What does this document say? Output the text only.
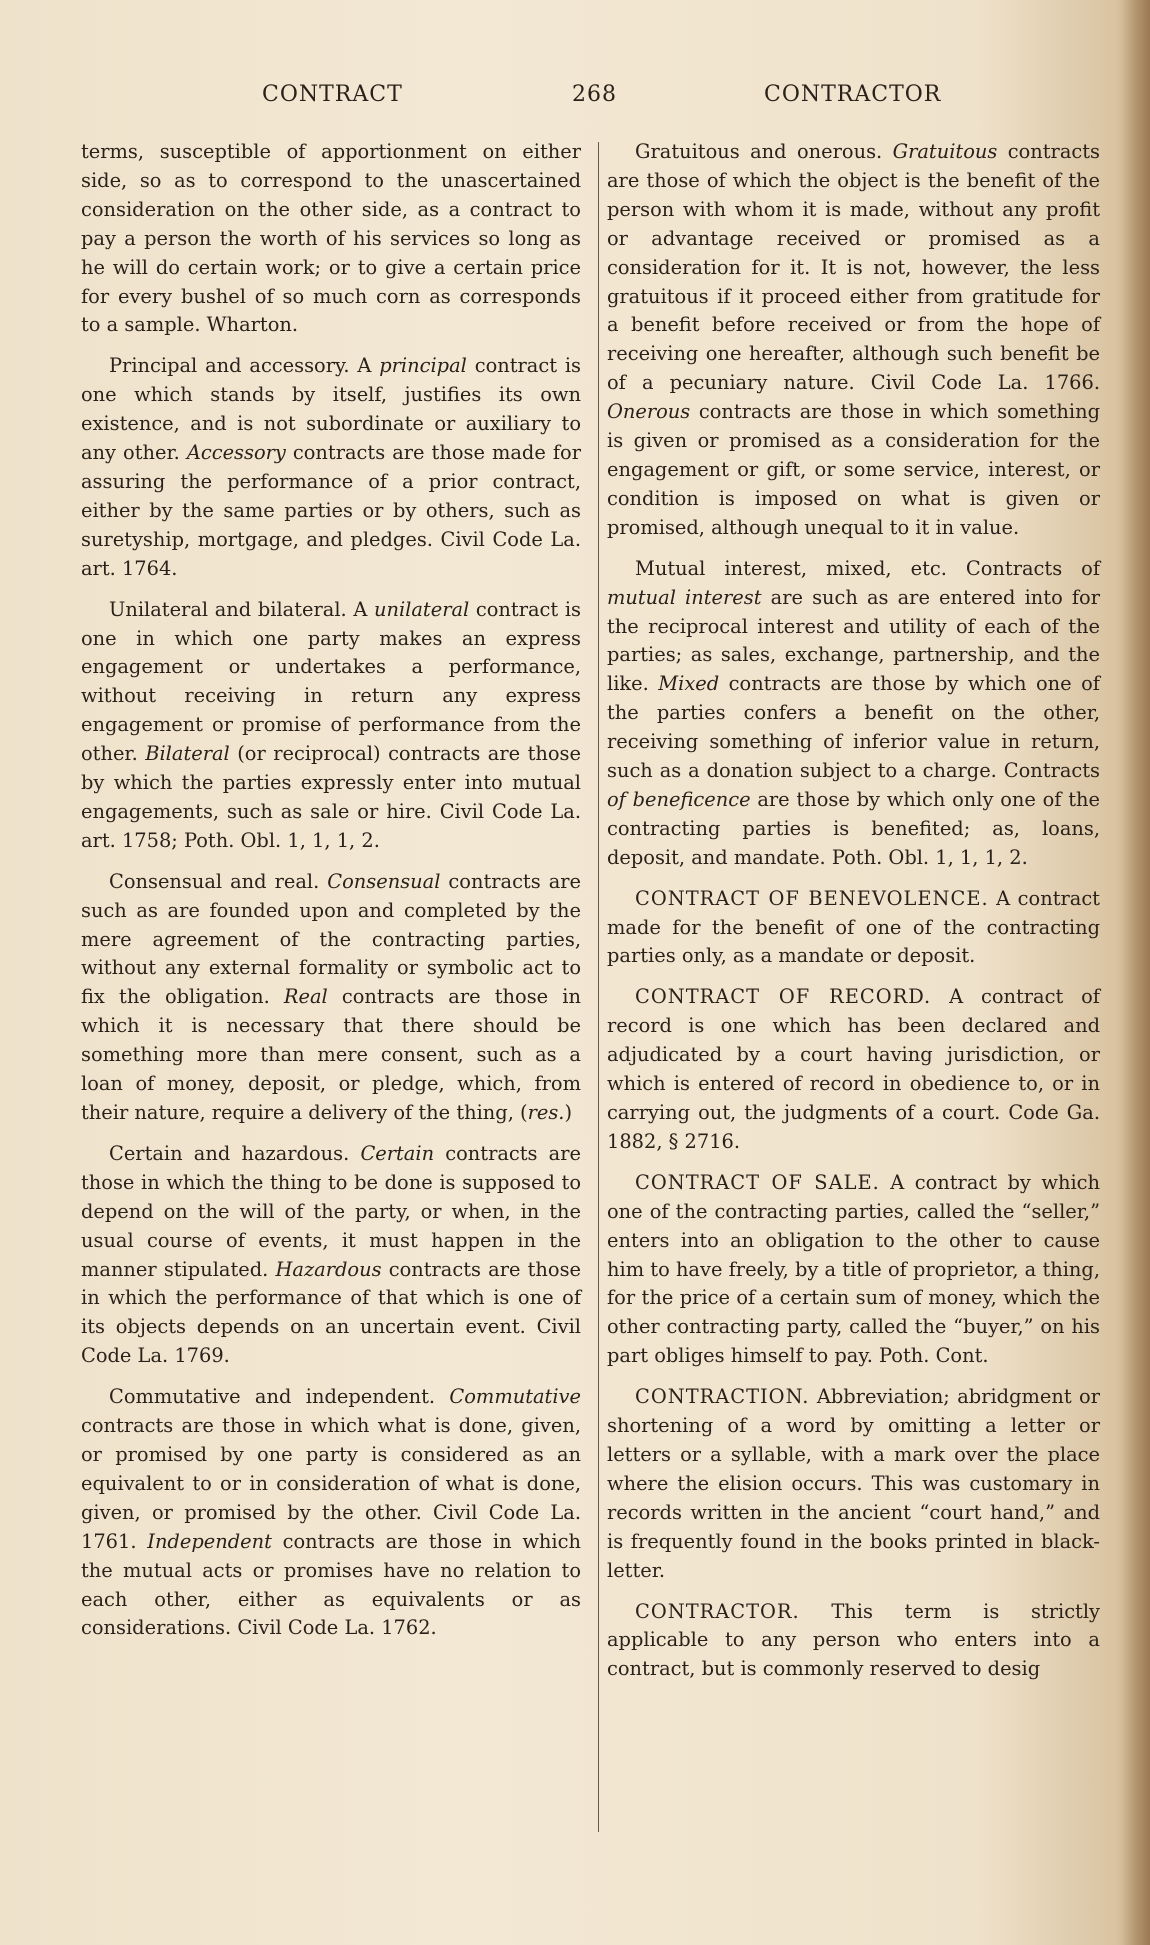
CONTRACT	268	CONTRACTOR

terms, susceptible of apportionment on either side, so as to correspond to the unascertained consideration on the other side, as a contract to pay a person the worth of his services so long as he will do certain work; or to give a certain price for every bushel of so much corn as corresponds to a sample. Wharton.

Principal and accessory. A principal contract is one which stands by itself, justifies its own existence, and is not subordinate or auxiliary to any other. Accessory contracts are those made for assuring the performance of a prior contract, either by the same parties or by others, such as suretyship, mortgage, and pledges. Civil Code La. art. 1764.

Unilateral and bilateral. A unilateral contract is one in which one party makes an express engagement or undertakes a performance, without receiving in return any express engagement or promise of performance from the other. Bilateral (or reciprocal) contracts are those by which the parties expressly enter into mutual engagements, such as sale or hire. Civil Code La. art. 1758; Poth. Obl. 1, 1, 1, 2.

Consensual and real. Consensual contracts are such as are founded upon and completed by the mere agreement of the contracting parties, without any external formality or symbolic act to fix the obligation. Real contracts are those in which it is necessary that there should be something more than mere consent, such as a loan of money, deposit, or pledge, which, from their nature, require a delivery of the thing, (res.)

Certain and hazardous. Certain contracts are those in which the thing to be done is supposed to depend on the will of the party, or when, in the usual course of events, it must happen in the manner stipulated. Hazardous contracts are those in which the performance of that which is one of its objects depends on an uncertain event. Civil Code La. 1769.

Commutative and independent. Commutative contracts are those in which what is done, given, or promised by one party is considered as an equivalent to or in consideration of what is done, given, or promised by the other. Civil Code La. 1761. Independent contracts are those in which the mutual acts or promises have no relation to each other, either as equivalents or as considerations. Civil Code La. 1762.

Gratuitous and onerous. Gratuitous contracts are those of which the object is the benefit of the person with whom it is made, without any profit or advantage received or promised as a consideration for it. It is not, however, the less gratuitous if it proceed either from gratitude for a benefit before received or from the hope of receiving one hereafter, although such benefit be of a pecuniary nature. Civil Code La. 1766. Onerous contracts are those in which something is given or promised as a consideration for the engagement or gift, or some service, interest, or condition is imposed on what is given or promised, although unequal to it in value.

Mutual interest, mixed, etc. Contracts of mutual interest are such as are entered into for the reciprocal interest and utility of each of the parties; as sales, exchange, partnership, and the like. Mixed contracts are those by which one of the parties confers a benefit on the other, receiving something of inferior value in return, such as a donation subject to a charge. Contracts of beneficence are those by which only one of the contracting parties is benefited; as, loans, deposit, and mandate. Poth. Obl. 1, 1, 1, 2.

CONTRACT OF BENEVOLENCE. A contract made for the benefit of one of the contracting parties only, as a mandate or deposit.

CONTRACT OF RECORD. A contract of record is one which has been declared and adjudicated by a court having jurisdiction, or which is entered of record in obedience to, or in carrying out, the judgments of a court. Code Ga. 1882, § 2716.

CONTRACT OF SALE. A contract by which one of the contracting parties, called the “seller,” enters into an obligation to the other to cause him to have freely, by a title of proprietor, a thing, for the price of a certain sum of money, which the other contracting party, called the “buyer,” on his part obliges himself to pay. Poth. Cont.

CONTRACTION. Abbreviation; abridgment or shortening of a word by omitting a letter or letters or a syllable, with a mark over the place where the elision occurs. This was customary in records written in the ancient “court hand,” and is frequently found in the books printed in black-letter.

CONTRACTOR. This term is strictly applicable to any person who enters into a contract, but is commonly reserved to desig
